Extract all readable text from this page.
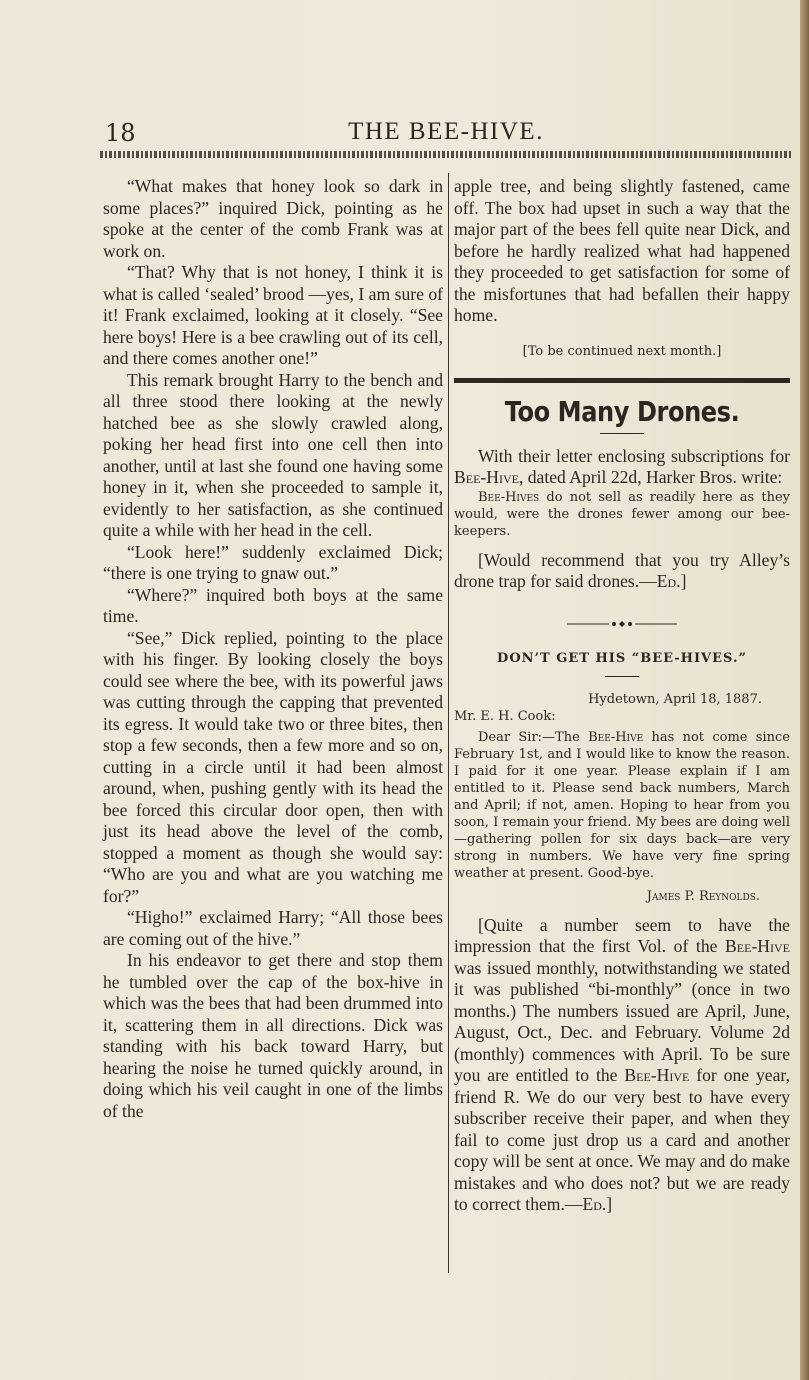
18	THE BEE-HIVE.

“What makes that honey look so dark in some places?” inquired Dick, pointing as he spoke at the center of the comb Frank was at work on.

“That? Why that is not honey, I think it is what is called ‘sealed’ brood —yes, I am sure of it! Frank exclaimed, looking at it closely. “See here boys! Here is a bee crawling out of its cell, and there comes another one!”

This remark brought Harry to the bench and all three stood there looking at the newly hatched bee as she slowly crawled along, poking her head first into one cell then into another, until at last she found one having some honey in it, when she proceeded to sample it, evidently to her satisfaction, as she continued quite a while with her head in the cell.

“Look here!” suddenly exclaimed Dick; “there is one trying to gnaw out.”

“Where?” inquired both boys at the same time.

“See,” Dick replied, pointing to the place with his finger. By looking closely the boys could see where the bee, with its powerful jaws was cutting through the capping that prevented its egress. It would take two or three bites, then stop a few seconds, then a few more and so on, cutting in a circle until it had been almost around, when, pushing gently with its head the bee forced this circular door open, then with just its head above the level of the comb, stopped a moment as though she would say: “Who are you and what are you watching me for?”

“Higho!” exclaimed Harry; “All those bees are coming out of the hive.”

In his endeavor to get there and stop them he tumbled over the cap of the box-hive in which was the bees that had been drummed into it, scattering them in all directions. Dick was standing with his back toward Harry, but hearing the noise he turned quickly around, in doing which his veil caught in one of the limbs of the

apple tree, and being slightly fastened, came off. The box had upset in such a way that the major part of the bees fell quite near Dick, and before he hardly realized what had happened they proceeded to get satisfaction for some of the misfortunes that had befallen their happy home.

[To be continued next month.]
Too Many Drones.

With their letter enclosing subscriptions for Bee-Hive, dated April 22d, Harker Bros. write:

Bee-Hives do not sell as readily here as they would, were the drones fewer among our bee-keepers.

[Would recommend that you try Alley’s drone trap for said drones.—Ed.]

DON’T GET HIS “BEE-HIVES.”
Hydetown, April 18, 1887.
Mr. E. H. Cook:

Dear Sir:—The Bee-Hive has not come since February 1st, and I would like to know the reason. I paid for it one year. Please explain if I am entitled to it. Please send back numbers, March and April; if not, amen. Hoping to hear from you soon, I remain your friend. My bees are doing well—gathering pollen for six days back—are very strong in numbers. We have very fine spring weather at present. Good-bye.

James P. Reynolds.

[Quite a number seem to have the impression that the first Vol. of the Bee-Hive was issued monthly, notwithstanding we stated it was published “bi-monthly” (once in two months.) The numbers issued are April, June, August, Oct., Dec. and February. Volume 2d (monthly) commences with April. To be sure you are entitled to the Bee-Hive for one year, friend R. We do our very best to have every subscriber receive their paper, and when they fail to come just drop us a card and another copy will be sent at once. We may and do make mistakes and who does not? but we are ready to correct them.—Ed.]
